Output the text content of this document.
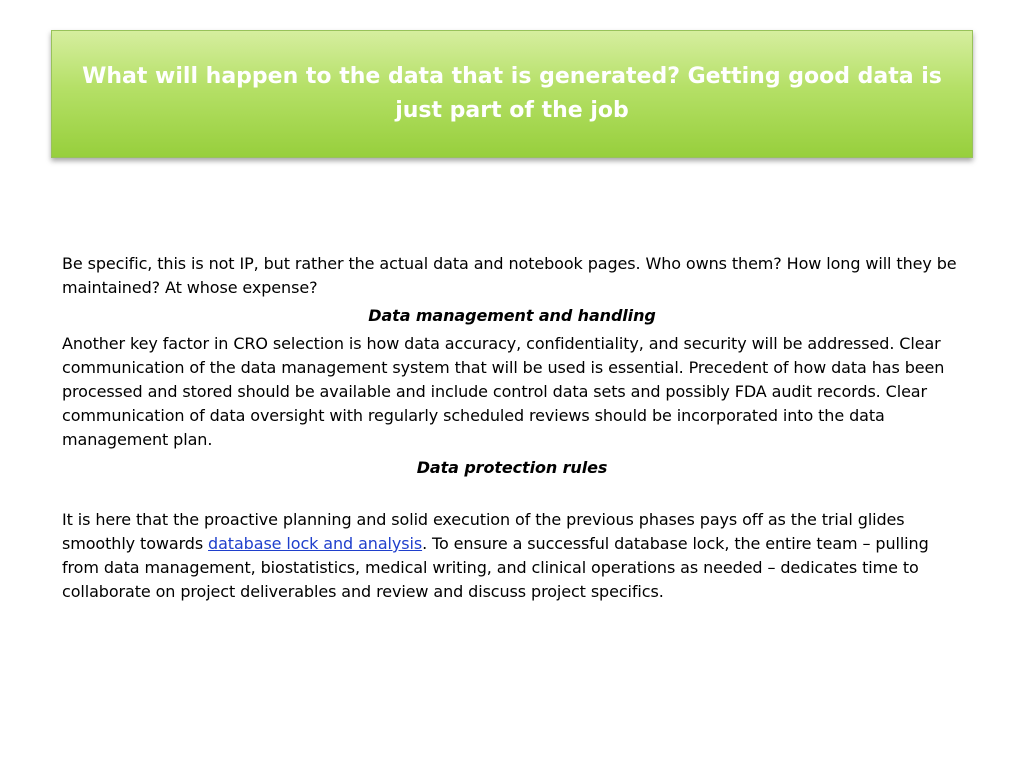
What will happen to the data that is generated? Getting good data is just part of the job

Be specific, this is not IP, but rather the actual data and notebook pages. Who owns them? How long will they be maintained? At whose expense?

Data management and handling

Another key factor in CRO selection is how data accuracy, confidentiality, and security will be addressed. Clear communication of the data management system that will be used is essential. Precedent of how data has been processed and stored should be available and include control data sets and possibly FDA audit records. Clear communication of data oversight with regularly scheduled reviews should be incorporated into the data management plan.

Data protection rules

It is here that the proactive planning and solid execution of the previous phases pays off as the trial glides smoothly towards database lock and analysis. To ensure a successful database lock, the entire team – pulling from data management, biostatistics, medical writing, and clinical operations as needed – dedicates time to collaborate on project deliverables and review and discuss project specifics.
